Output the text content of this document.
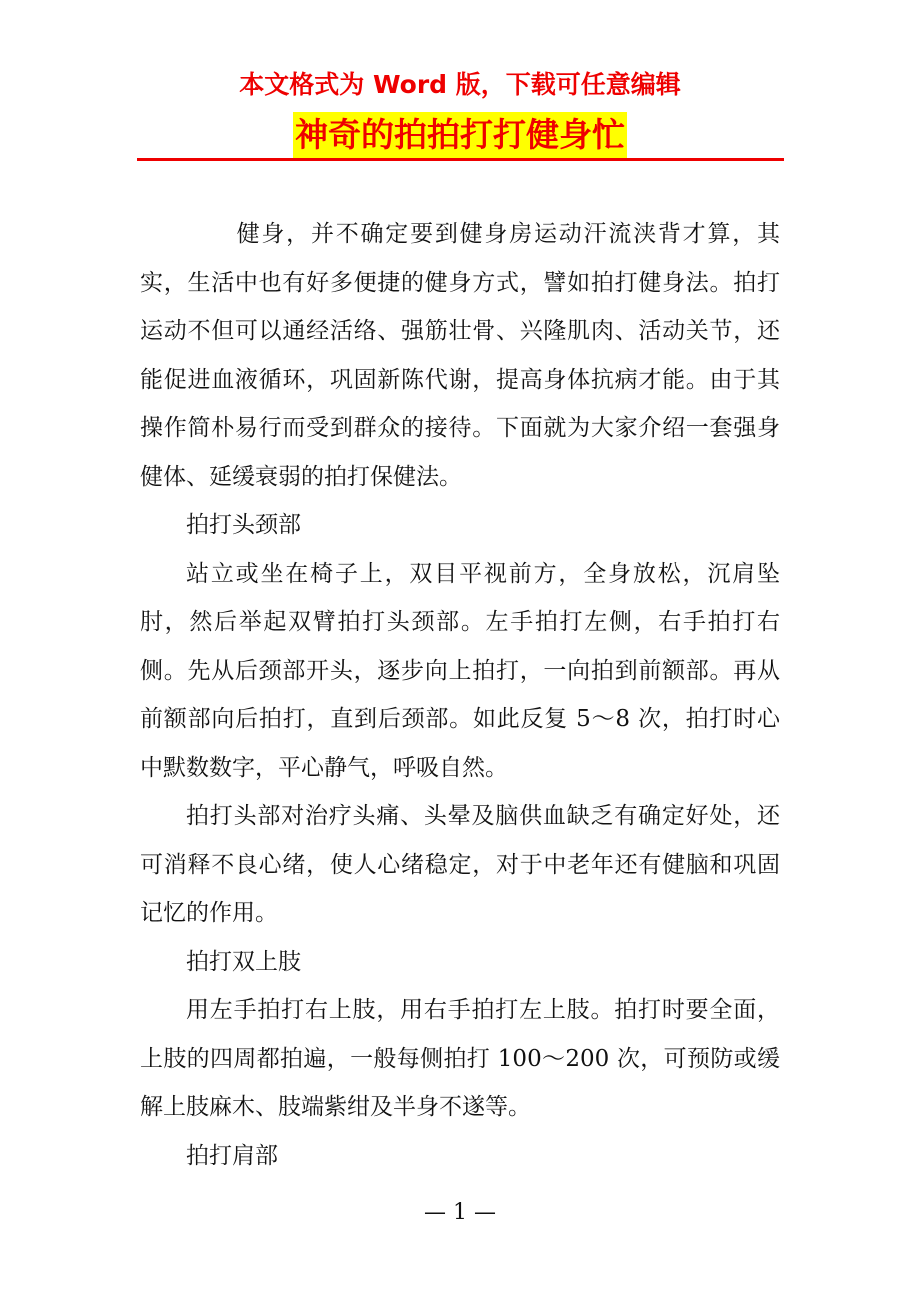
本文格式为 Word 版，下载可任意编辑
神奇的拍拍打打健身忙

健身，并不确定要到健身房运动汗流浃背才算，其实，生活中也有好多便捷的健身方式，譬如拍打健身法。拍打运动不但可以通经活络、强筋壮骨、兴隆肌肉、活动关节，还能促进血液循环，巩固新陈代谢，提高身体抗病才能。由于其操作简朴易行而受到群众的接待。下面就为大家介绍一套强身健体、延缓衰弱的拍打保健法。

拍打头颈部

站立或坐在椅子上，双目平视前方，全身放松，沉肩坠肘，然后举起双臂拍打头颈部。左手拍打左侧，右手拍打右侧。先从后颈部开头，逐步向上拍打，一向拍到前额部。再从前额部向后拍打，直到后颈部。如此反复 5～8 次，拍打时心中默数数字，平心静气，呼吸自然。

拍打头部对治疗头痛、头晕及脑供血缺乏有确定好处，还可消释不良心绪，使人心绪稳定，对于中老年还有健脑和巩固记忆的作用。

拍打双上肢

用左手拍打右上肢，用右手拍打左上肢。拍打时要全面，上肢的四周都拍遍，一般每侧拍打 100～200 次，可预防或缓解上肢麻木、肢端紫绀及半身不遂等。

拍打肩部

— 1 —
